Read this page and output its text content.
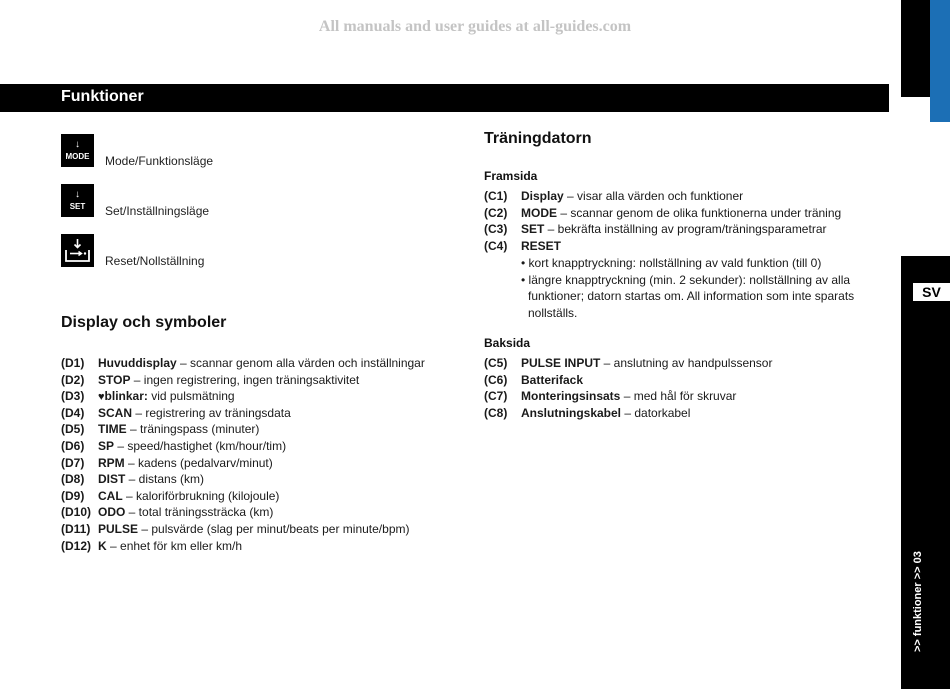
All manuals and user guides at all-guides.com
SV
>> funktioner >> 03
Funktioner
↓
MODE Mode/Funktionsläge
↓
SET Set/Inställningsläge
Reset/Nollställning
Display och symboler
(D1) Huvuddisplay – scannar genom alla värden och inställningar
(D2) STOP – ingen registrering, ingen träningsaktivitet
(D3) ♥blinkar: vid pulsmätning
(D4) SCAN – registrering av träningsdata
(D5) TIME – träningspass (minuter)
(D6) SP – speed/hastighet (km/hour/tim)
(D7) RPM – kadens (pedalvarv/minut)
(D8) DIST – distans (km)
(D9) CAL – kaloriförbrukning (kilojoule)
(D10) ODO – total träningssträcka (km)
(D11) PULSE – pulsvärde (slag per minut/beats per minute/bpm)
(D12) K – enhet för km eller km/h
Träningdatorn
Framsida
(C1) Display – visar alla värden och funktioner
(C2) MODE – scannar genom de olika funktionerna under träning
(C3) SET – bekräfta inställning av program/träningsparametrar
(C4) RESET
• kort knapptryckning: nollställning av vald funktion (till 0)
• längre knapptryckning (min. 2 sekunder): nollställning av alla
funktioner; datorn startas om. All information som inte sparats
nollställs.
Baksida
(C5) PULSE INPUT – anslutning av handpulssensor
(C6) Batterifack
(C7) Monteringsinsats – med hål för skruvar
(C8) Anslutningskabel – datorkabel
